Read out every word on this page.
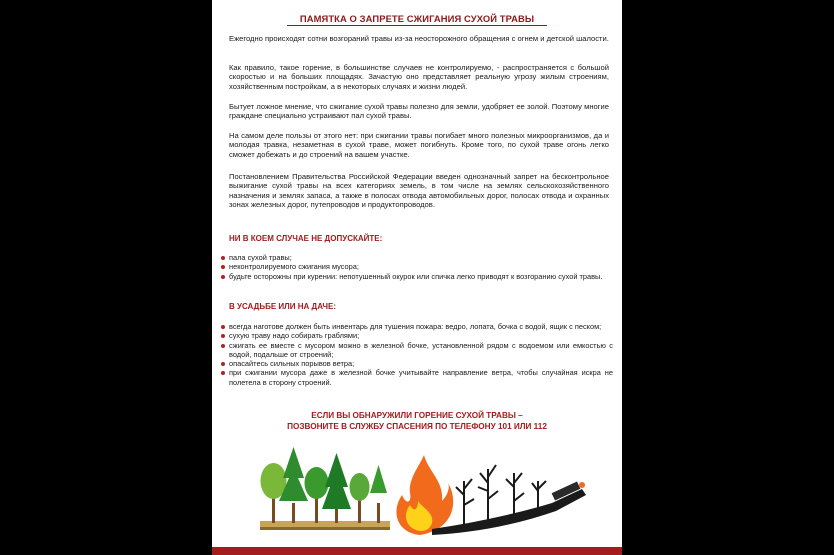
ПАМЯТКА О ЗАПРЕТЕ СЖИГАНИЯ СУХОЙ ТРАВЫ

Ежегодно происходят сотни возгораний травы из-за неосторожного обращения с огнем и детской шалости.

Как правило, такое горение, в большинстве случаев не контролируемо, - распространяется с большой скоростью и на больших площадях. Зачастую оно представляет реальную угрозу жилым строениям, хозяйственным постройкам, а в некоторых случаях и жизни людей.

Бытует ложное мнение, что сжигание сухой травы полезно для земли, удобряет ее золой. Поэтому многие граждане специально устраивают пал сухой травы.

На самом деле пользы от этого нет: при сжигании травы погибает много полезных микроорганизмов, да и молодая травка, незаметная в сухой траве, может погибнуть. Кроме того, по сухой траве огонь легко сможет добежать и до строений на вашем участке.

Постановлением Правительства Российской Федерации введен однозначный запрет на бесконтрольное выжигание сухой травы на всех категориях земель, в том числе на землях сельскохозяйственного назначения и землях запаса, а также в полосах отвода автомобильных дорог, полосах отвода и охранных зонах железных дорог, путепроводов и продуктопроводов.

НИ В КОЕМ СЛУЧАЕ НЕ ДОПУСКАЙТЕ:
пала сухой травы;
неконтролируемого сжигания мусора;
будьте осторожны при курении: непотушенный окурок или спичка легко приводят к возгоранию сухой травы.
В УСАДЬБЕ ИЛИ НА ДАЧЕ:
всегда наготове должен быть инвентарь для тушения пожара: ведро, лопата, бочка с водой, ящик с песком;
сухую траву надо собирать граблями;
сжигать ее вместе с мусором можно в железной бочке, установленной рядом с водоемом или емкостью с водой, подальше от строений;
опасайтесь сильных порывов ветра;
при сжигании мусора даже в железной бочке учитывайте направление ветра, чтобы случайная искра не полетела в сторону строений.
ЕСЛИ ВЫ ОБНАРУЖИЛИ ГОРЕНИЕ СУХОЙ ТРАВЫ –
ПОЗВОНИТЕ В СЛУЖБУ СПАСЕНИЯ ПО ТЕЛЕФОНУ 101 ИЛИ 112
